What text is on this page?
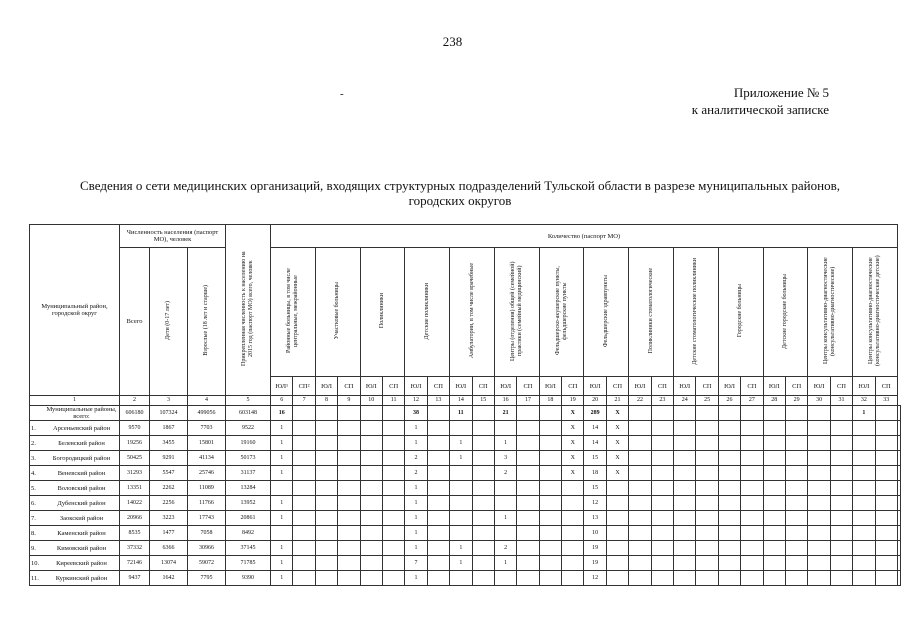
238
-	Приложение № 5
к аналитической записке
Сведения о сети медицинских организаций, входящих структурных подразделений Тульской области в разрезе муниципальных районов,
городских округов
Муниципальный район, городской округ	Численность населения (паспорт МО), человек			Прикрепленная численность к населению на 2015 год (паспорт МО) всего, человек	Количество (паспорт МО)																												
	Всего	Дети (0-17 лет)	Взрослые (18 лет и старше)		Районные больницы, в том числе центральные, межрайонные		Участковые больницы		Поликлиники		Детские поликлиники		Амбулатории, в том числе врачебные		Центры (отделения) общей (семейной) практики (семейный медицинский)		Фельдшерско-акушерские пункты, фельдшерские пункты		Фельдшерские здравпункты		Поликлиники стоматологические		Детские стоматологические поликлиники		Городские больницы		Детские городские больницы		Центры консультативно-диагностические (консультативно-диагностические)		Центры консультативно-диагностические (консультативно-диагностические детские)		
					ЮЛ¹	СП²	ЮЛ	СП	ЮЛ	СП	ЮЛ	СП	ЮЛ	СП	ЮЛ	СП	ЮЛ	СП	ЮЛ	СП	ЮЛ	СП	ЮЛ	СП	ЮЛ	СП	ЮЛ	СП	ЮЛ	СП	ЮЛ	СП	
1	2	3	4	5	6	7	8	9	10	11	12	13	14	15	16	17	18	19	20	21	22	23	24	25	26	27	28	29	30	31	32	33	

Муниципальные районы, всего:	606180	107324	499056	603148	16						38		11		21			X	289	X											1		

1. Арсеньевский район	9570	1867	7703	9522	1						1							X	14	X													

2. Белевский район	19256	3455	15801	19160	1						1		1		1			X	14	X													

3. Богородицкий район	50425	9291	41134	50173	1						2		1		3			X	15	X													

4. Веневский район	31293	5547	25746	31137	1						2				2			X	18	X													

5. Воловский район	13351	2262	11089	13284							1								15														

6. Дубенский район	14022	2256	11766	13952	1						1								12														

7. Заокский район	20966	3223	17743	20861	1						1				1				13														

8. Каменский район	8535	1477	7058	8492							1								10														

9. Кимовский район	37332	6366	30966	37145	1						1		1		2				19														

10. Киреевский район	72146	13074	59072	71785	1						7		1		1				19														

11. Куркинский район	9437	1642	7795	9390	1						1								12														
